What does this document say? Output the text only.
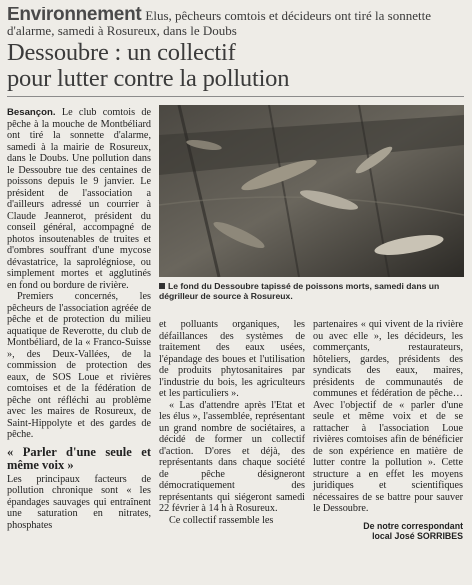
Environnement Elus, pêcheurs comtois et décideurs ont tiré la sonnette d'alarme, samedi à Rosureux, dans le Doubs
Dessoubre : un collectif
pour lutter contre la pollution

Besançon. Le club comtois de pêche à la mouche de Montbéliard ont tiré la sonnette d'alarme, samedi à la mairie de Rosureux, dans le Doubs. Une pollution dans le Dessoubre tue des centaines de poissons depuis le 9 janvier. Le président de l'association a d'ailleurs adressé un courrier à Claude Jeannerot, président du conseil général, accompagné de photos insoutenables de truites et d'ombres souffrant d'une mycose dévastatrice, la saprolégniose, ou simplement mortes et agglutinés en fond ou bordure de rivière.

Premiers concernés, les pêcheurs de l'association agréée de pêche et de protection du milieu aquatique de Reverotte, du club de Montbéliard, de la « Franco-Suisse », des Deux-Vallées, de la commission de protection des eaux, de SOS Loue et rivières comtoises et de la fédération de pêche ont réfléchi au problème avec les maires de Rosureux, de Saint-Hippolyte et des gardes de pêche.

« Parler d'une seule et même voix »

Les principaux facteurs de pollution chronique sont « les épandages sauvages qui entraînent une saturation en nitrates, phosphates

Le fond du Dessoubre tapissé de poissons morts, samedi dans un dégrilleur de source à Rosureux.

et polluants organiques, les défaillances des systèmes de traitement des eaux usées, l'épandage des boues et l'utilisation de produits phytosanitaires par l'industrie du bois, les agriculteurs et les particuliers ».

« Las d'attendre après l'Etat et les élus », l'assemblée, représentant un grand nombre de sociétaires, a décidé de former un collectif d'action. D'ores et déjà, des représentants dans chaque société de pêche désigneront démocratiquement des représentants qui siégeront samedi 22 février à 14 h à Rosureux.

Ce collectif rassemble les

partenaires « qui vivent de la rivière ou avec elle », les décideurs, les commerçants, restaurateurs, hôteliers, gardes, présidents des syndicats des eaux, maires, présidents de communautés de communes et fédération de pêche… Avec l'objectif de « parler d'une seule et même voix et de se rattacher à l'association Loue rivières comtoises afin de bénéficier de son expérience en matière de lutter contre la pollution ». Cette structure a en effet les moyens juridiques et scientifiques nécessaires de se battre pour sauver le Dessoubre.

De notre correspondant
local José SORRIBES
